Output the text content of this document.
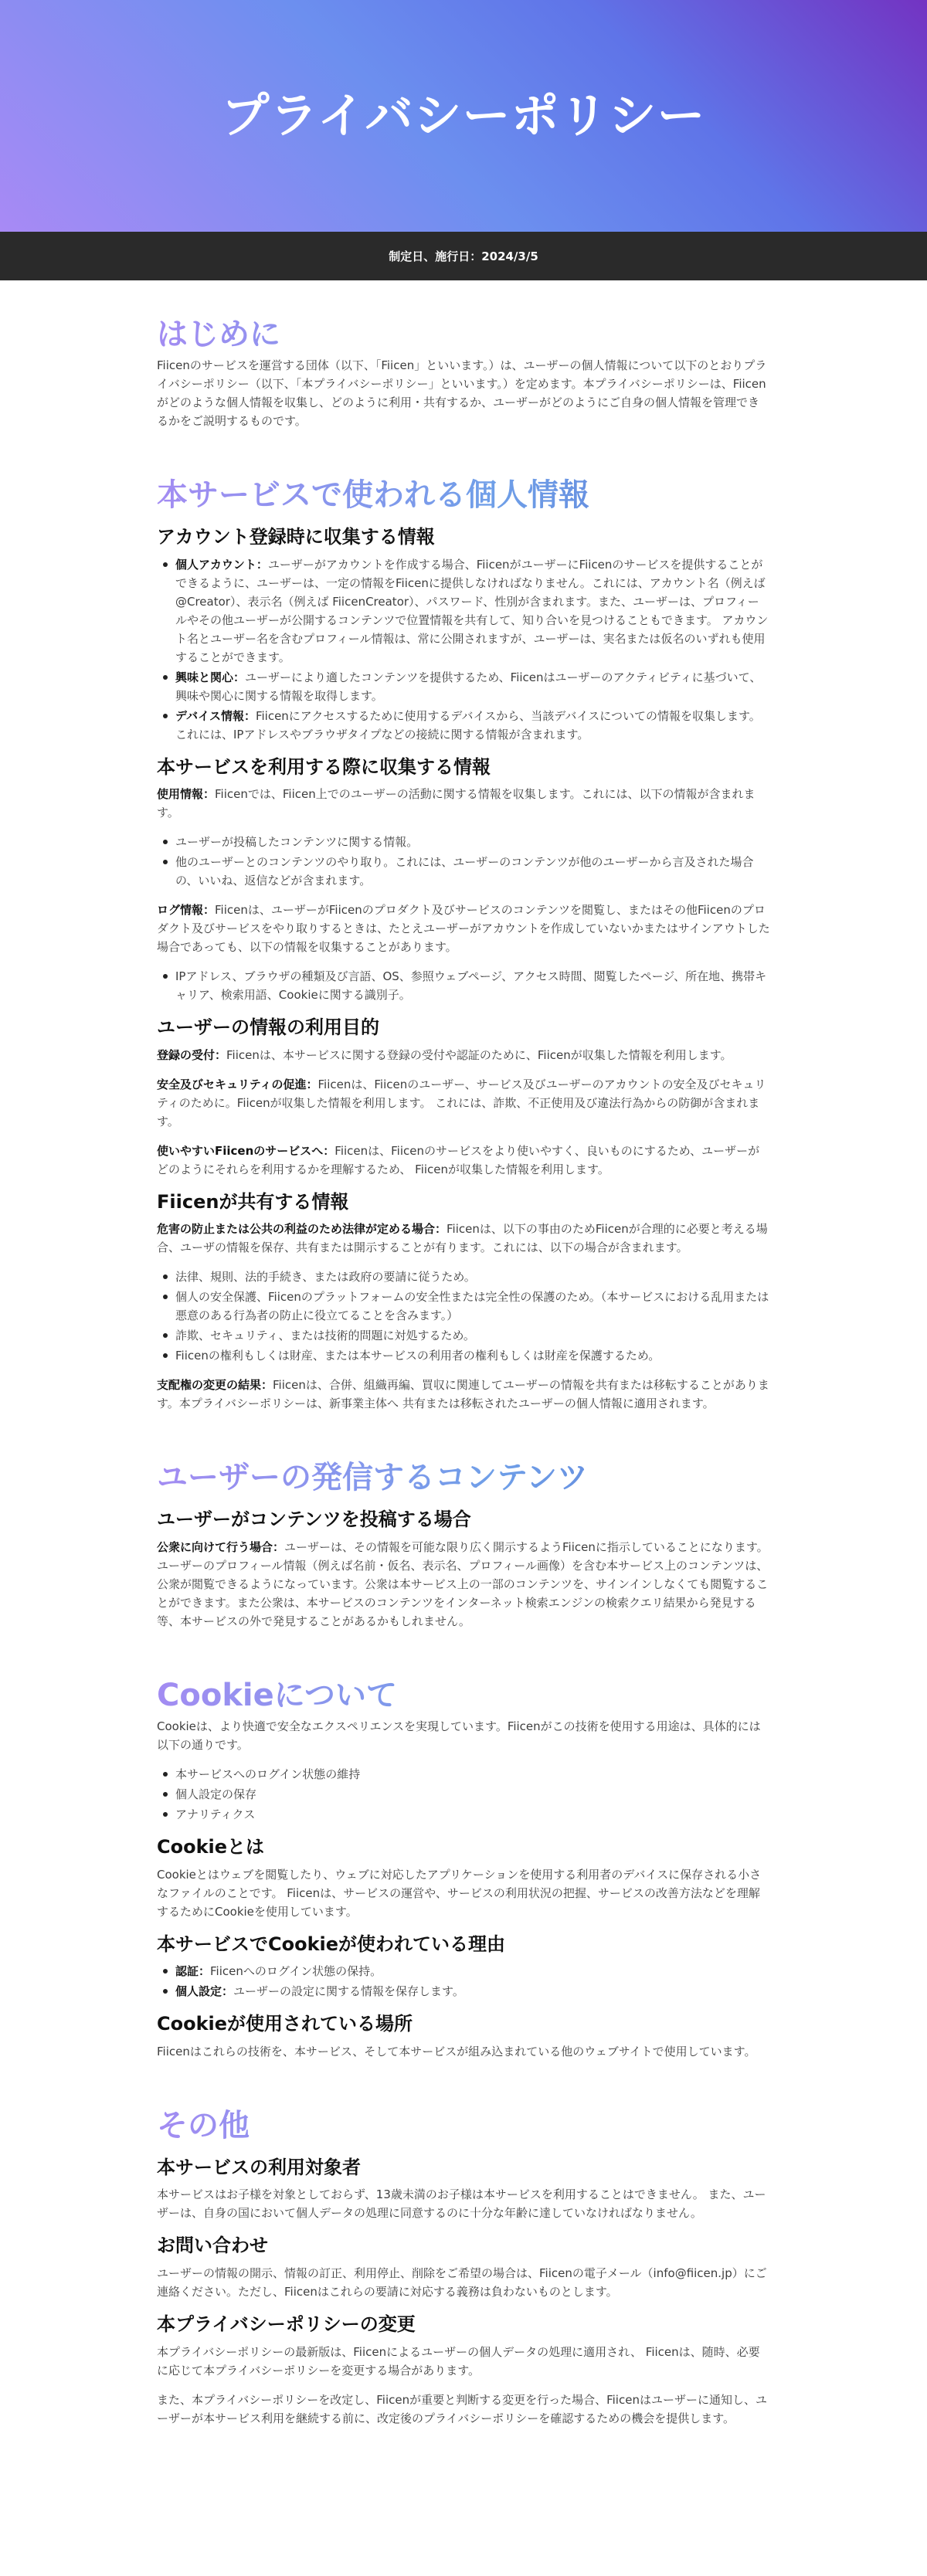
プライバシーポリシー
制定日、施行日：2024/3/5
はじめに

Fiicenのサービスを運営する団体（以下、「Fiicen」といいます。）は、ユーザーの個人情報について以下のとおりプライバシーポリシー（以下、「本プライバシーポリシー」といいます。）を定めます。本プライバシーポリシーは、Fiicenがどのような個人情報を収集し、どのように利用・共有するか、ユーザーがどのようにご自身の個人情報を管理できるかをご説明するものです。

本サービスで使われる個人情報
アカウント登録時に収集する情報
個人アカウント：ユーザーがアカウントを作成する場合、FiicenがユーザーにFiicenのサービスを提供することができるように、ユーザーは、一定の情報をFiicenに提供しなければなりません。これには、アカウント名（例えば @Creator）、表示名（例えば FiicenCreator）、パスワード、性別が含まれます。また、ユーザーは、プロフィールやその他ユーザーが公開するコンテンツで位置情報を共有して、知り合いを見つけることもできます。 アカウント名とユーザー名を含むプロフィール情報は、常に公開されますが、ユーザーは、実名または仮名のいずれも使用することができます。
興味と関心：ユーザーにより適したコンテンツを提供するため、Fiicenはユーザーのアクティビティに基づいて、興味や関心に関する情報を取得します。
デバイス情報：Fiicenにアクセスするために使用するデバイスから、当該デバイスについての情報を収集します。これには、IPアドレスやブラウザタイプなどの接続に関する情報が含まれます。
本サービスを利用する際に収集する情報

使用情報：Fiicenでは、Fiicen上でのユーザーの活動に関する情報を収集します。これには、以下の情報が含まれます。

ユーザーが投稿したコンテンツに関する情報。
他のユーザーとのコンテンツのやり取り。これには、ユーザーのコンテンツが他のユーザーから言及された場合の、いいね、返信などが含まれます。

ログ情報：Fiicenは、ユーザーがFiicenのプロダクト及びサービスのコンテンツを閲覧し、またはその他Fiicenのプロダクト及びサービスをやり取りするときは、たとえユーザーがアカウントを作成していないかまたはサインアウトした場合であっても、以下の情報を収集することがあります。

IPアドレス、ブラウザの種類及び言語、OS、参照ウェブページ、アクセス時間、閲覧したページ、所在地、携帯キャリア、検索用語、Cookieに関する識別子。
ユーザーの情報の利用目的

登録の受付：Fiicenは、本サービスに関する登録の受付や認証のために、Fiicenが収集した情報を利用します。

安全及びセキュリティの促進：Fiicenは、Fiicenのユーザー、サービス及びユーザーのアカウントの安全及びセキュリティのために。Fiicenが収集した情報を利用します。 これには、詐欺、不正使用及び違法行為からの防御が含まれます。

使いやすいFiicenのサービスへ：Fiicenは、Fiicenのサービスをより使いやすく、良いものにするため、ユーザーがどのようにそれらを利用するかを理解するため、 Fiicenが収集した情報を利用します。

Fiicenが共有する情報

危害の防止または公共の利益のため法律が定める場合：Fiicenは、以下の事由のためFiicenが合理的に必要と考える場合、ユーザの情報を保存、共有または開示することが有ります。これには、以下の場合が含まれます。

法律、規則、法的手続き、または政府の要請に従うため。
個人の安全保護、Fiicenのプラットフォームの安全性または完全性の保護のため。（本サービスにおける乱用または悪意のある行為者の防止に役立てることを含みます。）
詐欺、セキュリティ、または技術的問題に対処するため。
Fiicenの権利もしくは財産、または本サービスの利用者の権利もしくは財産を保護するため。

支配権の変更の結果：Fiicenは、合併、組織再編、買収に関連してユーザーの情報を共有または移転することがあります。本プライバシーポリシーは、新事業主体へ 共有または移転されたユーザーの個人情報に適用されます。

ユーザーの発信するコンテンツ
ユーザーがコンテンツを投稿する場合

公衆に向けて行う場合：ユーザーは、その情報を可能な限り広く開示するようFiicenに指示していることになります。ユーザーのプロフィール情報（例えば名前・仮名、表示名、プロフィール画像）を含む本サービス上のコンテンツは、公衆が閲覧できるようになっています。公衆は本サービス上の一部のコンテンツを、サインインしなくても閲覧することができます。また公衆は、本サービスのコンテンツをインターネット検索エンジンの検索クエリ結果から発見する等、本サービスの外で発見することがあるかもしれません。

Cookieについて

Cookieは、より快適で安全なエクスペリエンスを実現しています。Fiicenがこの技術を使用する用途は、具体的には以下の通りです。

本サービスへのログイン状態の維持
個人設定の保存
アナリティクス
Cookieとは

Cookieとはウェブを閲覧したり、ウェブに対応したアプリケーションを使用する利用者のデバイスに保存される小さなファイルのことです。 Fiicenは、サービスの運営や、サービスの利用状況の把握、サービスの改善方法などを理解するためにCookieを使用しています。

本サービスでCookieが使われている理由
認証：Fiicenへのログイン状態の保持。
個人設定：ユーザーの設定に関する情報を保存します。
Cookieが使用されている場所

Fiicenはこれらの技術を、本サービス、そして本サービスが組み込まれている他のウェブサイトで使用しています。

その他
本サービスの利用対象者

本サービスはお子様を対象としておらず、13歳未満のお子様は本サービスを利用することはできません。 また、ユーザーは、自身の国において個人データの処理に同意するのに十分な年齢に達していなければなりません。

お問い合わせ

ユーザーの情報の開示、情報の訂正、利用停止、削除をご希望の場合は、Fiicenの電子メール（info@fiicen.jp）にご連絡ください。ただし、Fiicenはこれらの要請に対応する義務は負わないものとします。

本プライバシーポリシーの変更

本プライバシーポリシーの最新版は、Fiicenによるユーザーの個人データの処理に適用され、 Fiicenは、随時、必要に応じて本プライバシーポリシーを変更する場合があります。

また、本プライバシーポリシーを改定し、Fiicenが重要と判断する変更を行った場合、Fiicenはユーザーに通知し、ユーザーが本サービス利用を継続する前に、改定後のプライバシーポリシーを確認するための機会を提供します。
